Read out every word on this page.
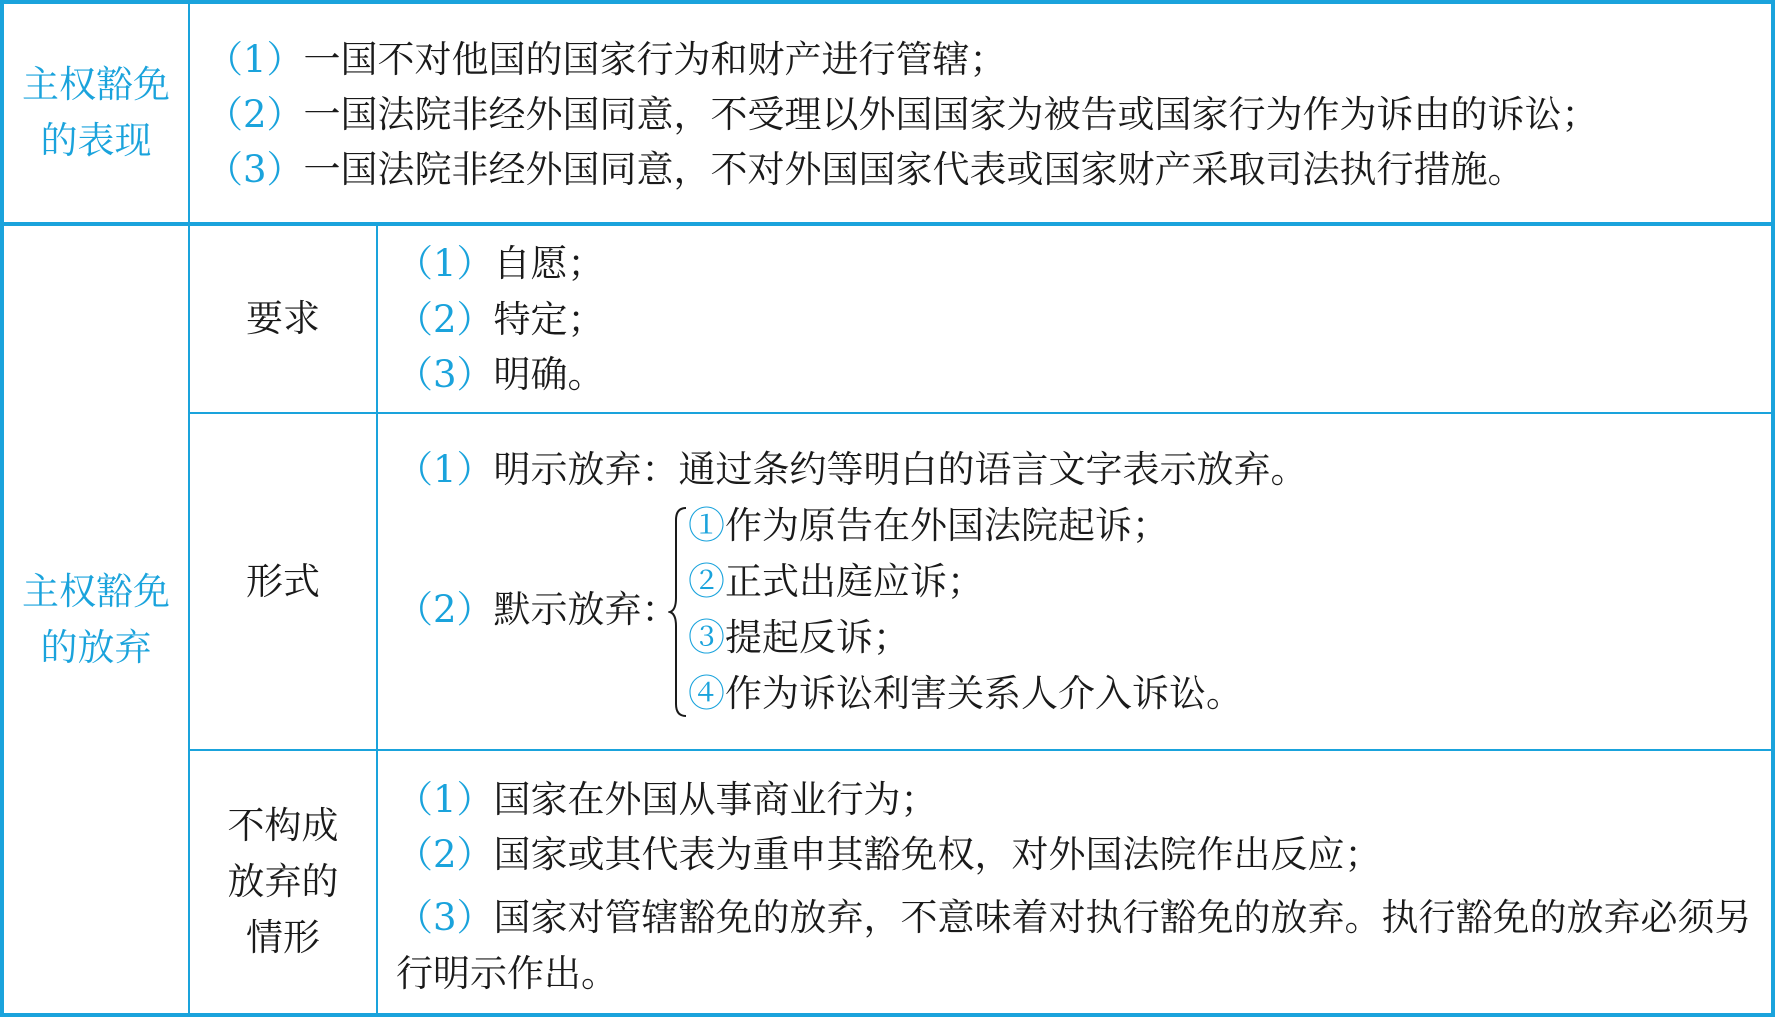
主权豁免
的表现
（1）一国不对他国的国家行为和财产进行管辖；
（2）一国法院非经外国同意，不受理以外国国家为被告或国家行为作为诉由的诉讼；
（3）一国法院非经外国同意，不对外国国家代表或国家财产采取司法执行措施。
主权豁免
的放弃
要求
（1）自愿；
（2）特定；
（3）明确。
形式
（1）明示放弃：通过条约等明白的语言文字表示放弃。
（2）默示放弃：
①作为原告在外国法院起诉；
②正式出庭应诉；
③提起反诉；
④作为诉讼利害关系人介入诉讼。
不构成
放弃的
情形
（1）国家在外国从事商业行为；
（2）国家或其代表为重申其豁免权，对外国法院作出反应；
（3）国家对管辖豁免的放弃，不意味着对执行豁免的放弃。执行豁免的放弃必须另行明示作出。
